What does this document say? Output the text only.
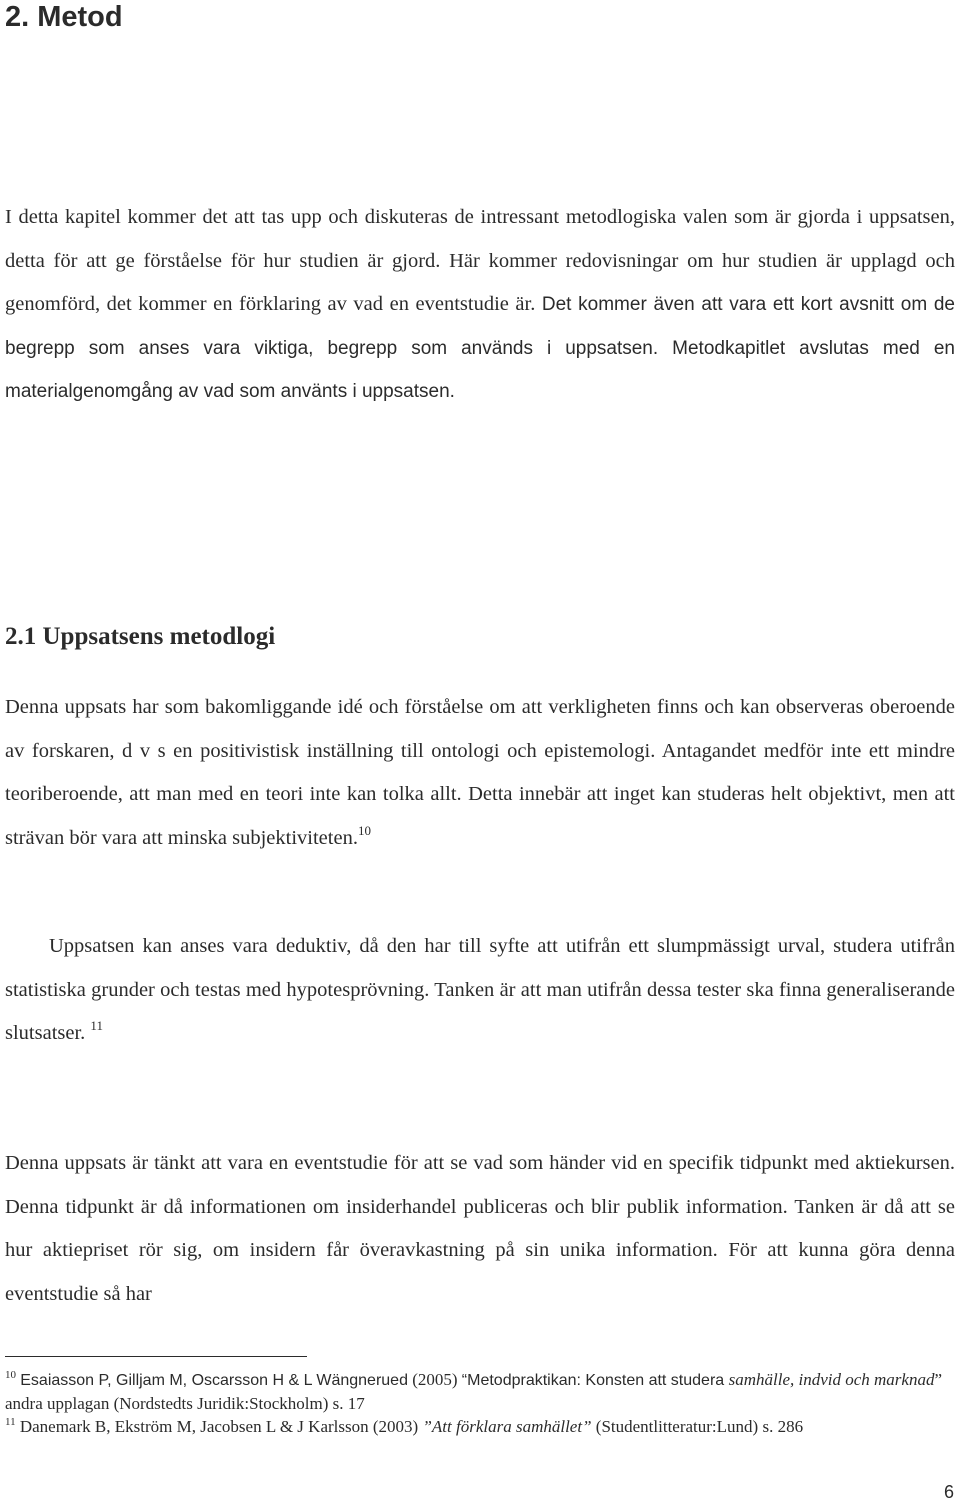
2. Metod

I detta kapitel kommer det att tas upp och diskuteras de intressant metodlogiska valen som är gjorda i uppsatsen, detta för att ge förståelse för hur studien är gjord. Här kommer redovisningar om hur studien är upplagd och genomförd, det kommer en förklaring av vad en eventstudie är. Det kommer även att vara ett kort avsnitt om de begrepp som anses vara viktiga, begrepp som används i uppsatsen. Metodkapitlet avslutas med en materialgenomgång av vad som använts i uppsatsen.

2.1 Uppsatsens metodlogi

Denna uppsats har som bakomliggande idé och förståelse om att verkligheten finns och kan observeras oberoende av forskaren, d v s en positivistisk inställning till ontologi och epistemologi. Antagandet medför inte ett mindre teoriberoende, att man med en teori inte kan tolka allt. Detta innebär att inget kan studeras helt objektivt, men att strävan bör vara att minska subjektiviteten.$^{10}$

Uppsatsen kan anses vara deduktiv, då den har till syfte att utifrån ett slumpmässigt urval, studera utifrån statistiska grunder och testas med hypotesprövning. Tanken är att man utifrån dessa tester ska finna generaliserande slutsatser. $^{11}$

Denna uppsats är tänkt att vara en eventstudie för att se vad som händer vid en specifik tidpunkt med aktiekursen. Denna tidpunkt är då informationen om insiderhandel publiceras och blir publik information. Tanken är då att se hur aktiepriset rör sig, om insidern får överavkastning på sin unika information. För att kunna göra denna eventstudie så har

$^{10}$ Esaiasson P, Gilljam M, Oscarsson H & L Wängnerued (2005) “Metodpraktikan: Konsten att studera samhälle, indvid och marknad” andra upplagan (Nordstedts Juridik:Stockholm) s. 17

$^{11}$ Danemark B, Ekström M, Jacobsen L & J Karlsson (2003) ”Att förklara samhället” (Studentlitteratur:Lund) s. 286

6
